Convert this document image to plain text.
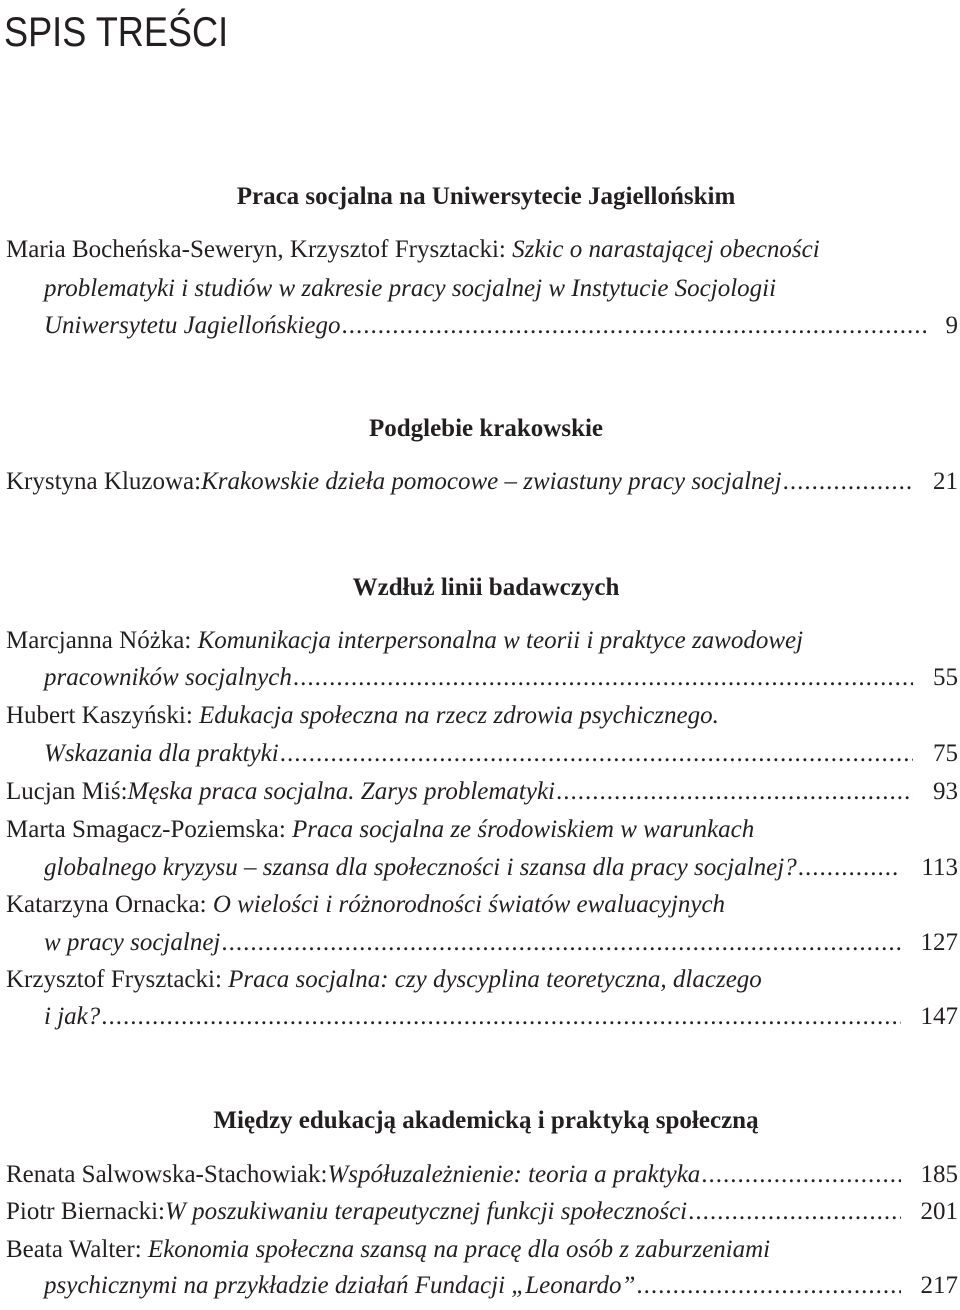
SPIS TREŚCI
Praca socjalna na Uniwersytecie Jagiellońskim
Maria Bocheńska-Seweryn, Krzysztof Frysztacki: Szkic o narastającej obecności
problematyki i studiów w zakresie pracy socjalnej w Instytucie Socjologii
Uniwersytetu Jagiellońskiego .....	9
Podglebie krakowskie
Krystyna Kluzowa: Krakowskie dzieła pomocowe – zwiastuny pracy socjalnej .....	21
Wzdłuż linii badawczych
Marcjanna Nóżka: Komunikacja interpersonalna w teorii i praktyce zawodowej
pracowników socjalnych .....	55
Hubert Kaszyński: Edukacja społeczna na rzecz zdrowia psychicznego.
Wskazania dla praktyki .....	75
Lucjan Miś: Męska praca socjalna. Zarys problematyki .....	93
Marta Smagacz-Poziemska: Praca socjalna ze środowiskiem w warunkach
globalnego kryzysu – szansa dla społeczności i szansa dla pracy socjalnej? .....	113
Katarzyna Ornacka: O wielości i różnorodności światów ewaluacyjnych
w pracy socjalnej .....	127
Krzysztof Frysztacki: Praca socjalna: czy dyscyplina teoretyczna, dlaczego
i jak? .....	147
Między edukacją akademicką i praktyką społeczną
Renata Salwowska-Stachowiak: Współuzależnienie: teoria a praktyka .....	185
Piotr Biernacki: W poszukiwaniu terapeutycznej funkcji społeczności .....	201
Beata Walter: Ekonomia społeczna szansą na pracę dla osób z zaburzeniami
psychicznymi na przykładzie działań Fundacji „Leonardo” .....	217
